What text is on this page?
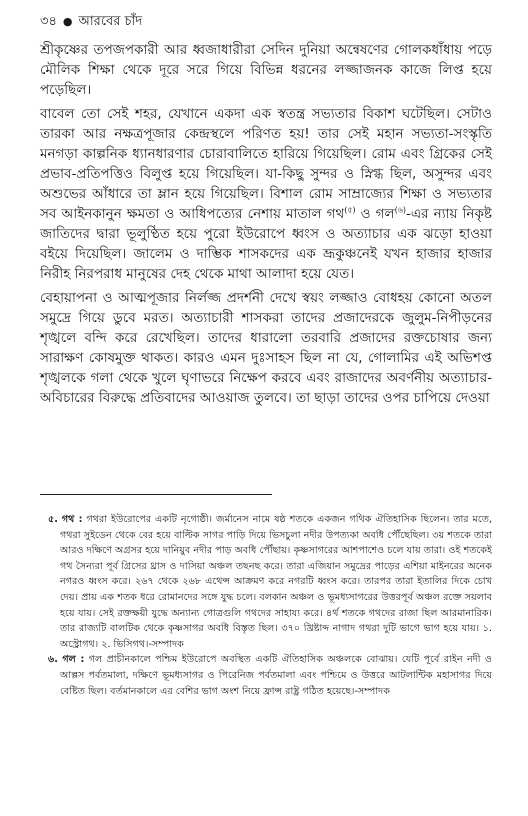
৩৪ ● আরবের চাঁদ

শ্রীকৃষ্ণের তপজপকারী আর ধ্বজাধারীরা সেদিন দুনিয়া অন্বেষণের গোলকধাঁধায় পড়ে মৌলিক শিক্ষা থেকে দূরে সরে গিয়ে বিভিন্ন ধরনের লজ্জাজনক কাজে লিপ্ত হয়ে পড়েছিল।

বাবেল তো সেই শহর, যেখানে একদা এক স্বতন্ত্র সভ্যতার বিকাশ ঘটেছিল। সেটাও তারকা আর নক্ষত্রপূজার কেন্দ্রস্থলে পরিণত হয়! তার সেই মহান সভ্যতা-সংস্কৃতি মনগড়া কাল্পনিক ধ্যানধারণার চোরাবালিতে হারিয়ে গিয়েছিল। রোম এবং গ্রিকের সেই প্রভাব-প্রতিপত্তিও বিলুপ্ত হয়ে গিয়েছিল। যা-কিছু সুন্দর ও স্নিগ্ধ ছিল, অসুন্দর এবং অশুভের আঁধারে তা ম্লান হয়ে গিয়েছিল। বিশাল রোম সাম্রাজ্যের শিক্ষা ও সভ্যতার সব আইনকানুন ক্ষমতা ও আধিপত্যের নেশায় মাতাল গথ$^{(৫)}$ ও গল$^{(৬)}$-এর ন্যায় নিকৃষ্ট জাতিদের দ্বারা ভূলুণ্ঠিত হয়ে পুরো ইউরোপে ধ্বংস ও অত্যাচার এক ঝড়ো হাওয়া বইয়ে দিয়েছিল। জালেম ও দাম্ভিক শাসকদের এক ভ্রূকুঞ্চনেই যখন হাজার হাজার নিরীহ নিরপরাধ মানুষের দেহ থেকে মাথা আলাদা হয়ে যেত।

বেহায়াপনা ও আত্মপূজার নির্লজ্জ প্রদর্শনী দেখে স্বয়ং লজ্জাও বোধহয় কোনো অতল সমুদ্রে গিয়ে ডুবে মরত। অত্যাচারী শাসকরা তাদের প্রজাদেরকে জুলুম-নিপীড়নের শৃঙ্খলে বন্দি করে রেখেছিল। তাদের ধারালো তরবারি প্রজাদের রক্তচোষার জন্য সারাক্ষণ কোষমুক্ত থাকত। কারও এমন দুঃসাহস ছিল না যে, গোলামির এই অভিশপ্ত শৃঙ্খলকে গলা থেকে খুলে ঘৃণাভরে নিক্ষেপ করবে এবং রাজাদের অবর্ণনীয় অত্যাচার-অবিচারের বিরুদ্ধে প্রতিবাদের আওয়াজ তুলবে। তা ছাড়া তাদের ওপর চাপিয়ে দেওয়া

৫. গথ : গথরা ইউরোপের একটি নৃগোষ্ঠী। জর্মানেস নামে ষষ্ঠ শতকে একজন গথিক ঐতিহাসিক ছিলেন। তার মতে, গথরা সুইডেন থেকে বের হয়ে বাল্টিক সাগর পাড়ি দিয়ে ভিসচুলা নদীর উপত্যকা অবধি পৌঁছেছিল। ৩য় শতকে তারা আরও দক্ষিণে অগ্রসর হয়ে দানিয়ুব নদীর পাড় অবধি পৌঁছায়। কৃষ্ণসাগরের আশপাশেও চলে যায় তারা। ওই শতকেই গথ সৈন্যরা পূর্ব গ্রিসের থ্রাস ও দাসিয়া অঞ্চল তছনছ করে। তারা এজিয়ান সমুদ্রের পাড়ের এশিয়া মাইনরের অনেক নগরও ধ্বংস করে। ২৬৭ থেকে ২৬৮ এথেন্স আক্রমণ করে নগরটি ধ্বংস করে। তারপর তারা ইতালির দিকে চোখ দেয়। প্রায় এক শতক ধরে রোমানদের সঙ্গে যুদ্ধ চলে। বলকান অঞ্চল ও ভূমধ্যসাগরের উত্তরপূর্ব অঞ্চল রক্তে সয়লাব হয়ে যায়। সেই রক্তক্ষয়ী যুদ্ধে অন্যান্য গোত্রগুলি গথদের সাহায্য করে। ৪র্থ শতকে গথদের রাজা ছিল আরমানারিক। তার রাজ্যটি বালটিক থেকে কৃষ্ণসাগর অবধি বিস্তৃত ছিল। ৩৭০ খ্রিষ্টাব্দ নাগাদ গথরা দুটি ভাগে ভাগ হয়ে যায়। ১. অস্ট্রোগথ। ২. ভিসিগথ।-সম্পাদক

৬. গল : গল প্রাচীনকালে পশ্চিম ইউরোপে অবস্থিত একটি ঐতিহাসিক অঞ্চলকে বোঝায়। যেটি পূর্বে রাইন নদী ও আল্পস পর্বতমালা, দক্ষিণে ভূমধ্যসাগর ও পিরেনিজ পর্বতমালা এবং পশ্চিমে ও উত্তরে আটলান্টিক মহাসাগর দিয়ে বেষ্টিত ছিল। বর্তমানকালে এর বেশির ভাগ অংশ নিয়ে ফ্রান্স রাষ্ট্র গঠিত হয়েছে।-সম্পাদক
